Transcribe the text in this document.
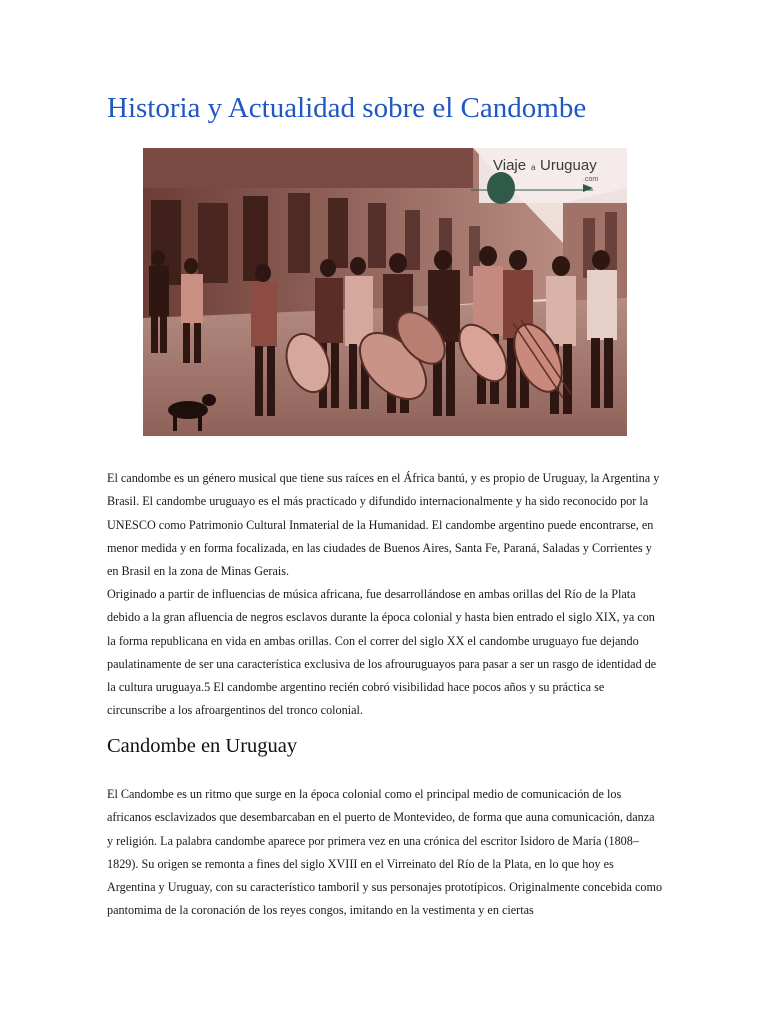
Historia y Actualidad sobre el Candombe
Viaje a Uruguay
.com

El candombe es un género musical que tiene sus raíces en el África bantú, y es propio de Uruguay, la Argentina y Brasil. El candombe uruguayo es el más practicado y difundido internacionalmente y ha sido reconocido por la UNESCO como Patrimonio Cultural Inmaterial de la Humanidad. El candombe argentino puede encontrarse, en menor medida y en forma focalizada, en las ciudades de Buenos Aires, Santa Fe, Paraná, Saladas y Corrientes y en Brasil en la zona de Minas Gerais.

Originado a partir de influencias de música africana, fue desarrollándose en ambas orillas del Río de la Plata debido a la gran afluencia de negros esclavos durante la época colonial y hasta bien entrado el siglo XIX, ya con la forma republicana en vida en ambas orillas. Con el correr del siglo XX el candombe uruguayo fue dejando paulatinamente de ser una característica exclusiva de los afrouruguayos para pasar a ser un rasgo de identidad de la cultura uruguaya.5 El candombe argentino recién cobró visibilidad hace pocos años y su práctica se circunscribe a los afroargentinos del tronco colonial.

Candombe en Uruguay

El Candombe es un ritmo que surge en la época colonial como el principal medio de comunicación de los africanos esclavizados que desembarcaban en el puerto de Montevideo, de forma que auna comunicación, danza y religión. La palabra candombe aparece por primera vez en una crónica del escritor Isidoro de María (1808–1829). Su origen se remonta a fines del siglo XVIII en el Virreinato del Río de la Plata, en lo que hoy es Argentina y Uruguay, con su característico tamboril y sus personajes prototípicos. Originalmente concebida como pantomima de la coronación de los reyes congos, imitando en la vestimenta y en ciertas
